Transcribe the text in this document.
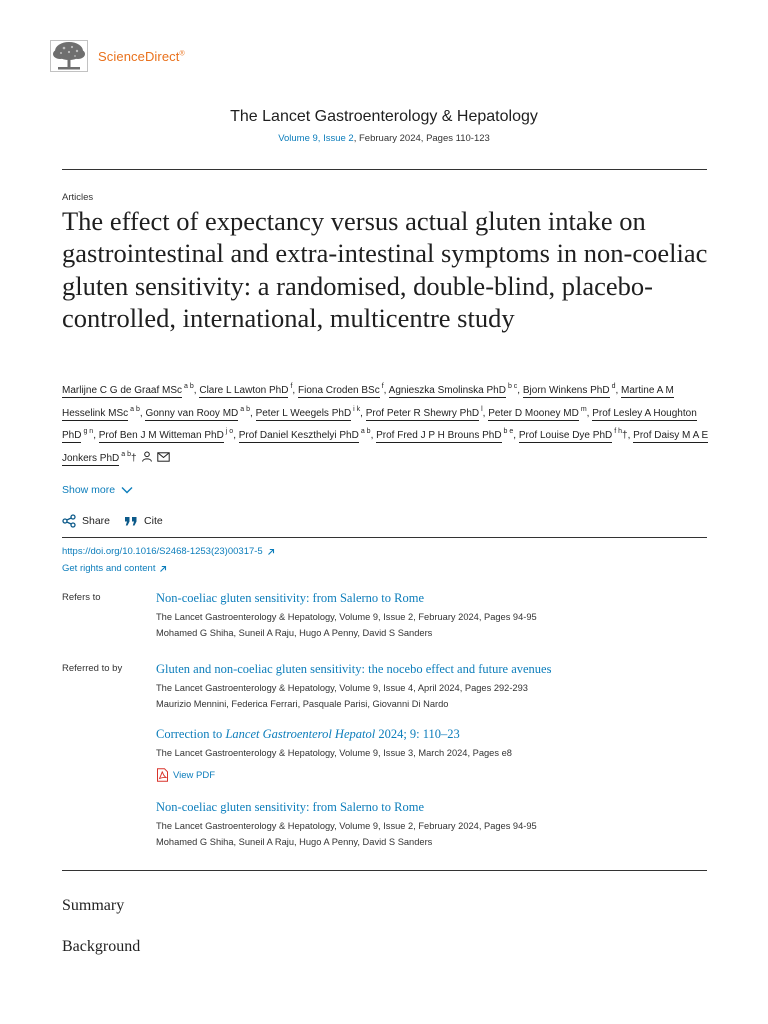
ScienceDirect®
The Lancet Gastroenterology & Hepatology
Volume 9, Issue 2, February 2024, Pages 110-123
Articles
The effect of expectancy versus actual gluten intake on gastrointestinal and extra-intestinal symptoms in non-coeliac gluten sensitivity: a randomised, double-blind, placebo-controlled, international, multicentre study
Marlijne C G de Graaf MSc $^{a b}$, Clare L Lawton PhD $^f$, Fiona Croden BSc $^f$, Agnieszka Smolinska PhD $^{b c}$, Bjorn Winkens PhD $^d$, Martine A M Hesselink MSc $^{a b}$, Gonny van Rooy MD $^{a b}$, Peter L Weegels PhD $^{i k}$, Prof Peter R Shewry PhD $^l$, Peter D Mooney MD $^m$, Prof Lesley A Houghton PhD $^{g n}$, Prof Ben J M Witteman PhD $^{j o}$, Prof Daniel Keszthelyi PhD $^{a b}$, Prof Fred J P H Brouns PhD $^{b e}$, Prof Louise Dye PhD $^{f h}$†, Prof Daisy M A E Jonkers PhD $^{a b}$†
Show more
Share	Cite
https://doi.org/10.1016/S2468-1253(23)00317-5
Get rights and content
Refers to	Non-coeliac gluten sensitivity: from Salerno to Rome
The Lancet Gastroenterology & Hepatology, Volume 9, Issue 2, February 2024, Pages 94-95
Mohamed G Shiha, Suneil A Raju, Hugo A Penny, David S Sanders
Referred to by	Gluten and non-coeliac gluten sensitivity: the nocebo effect and future avenues
The Lancet Gastroenterology & Hepatology, Volume 9, Issue 4, April 2024, Pages 292-293
Maurizio Mennini, Federica Ferrari, Pasquale Parisi, Giovanni Di Nardo
Correction to Lancet Gastroenterol Hepatol 2024; 9: 110–23
The Lancet Gastroenterology & Hepatology, Volume 9, Issue 3, March 2024, Pages e8
View PDF
Non-coeliac gluten sensitivity: from Salerno to Rome
The Lancet Gastroenterology & Hepatology, Volume 9, Issue 2, February 2024, Pages 94-95
Mohamed G Shiha, Suneil A Raju, Hugo A Penny, David S Sanders
Summary
Background
